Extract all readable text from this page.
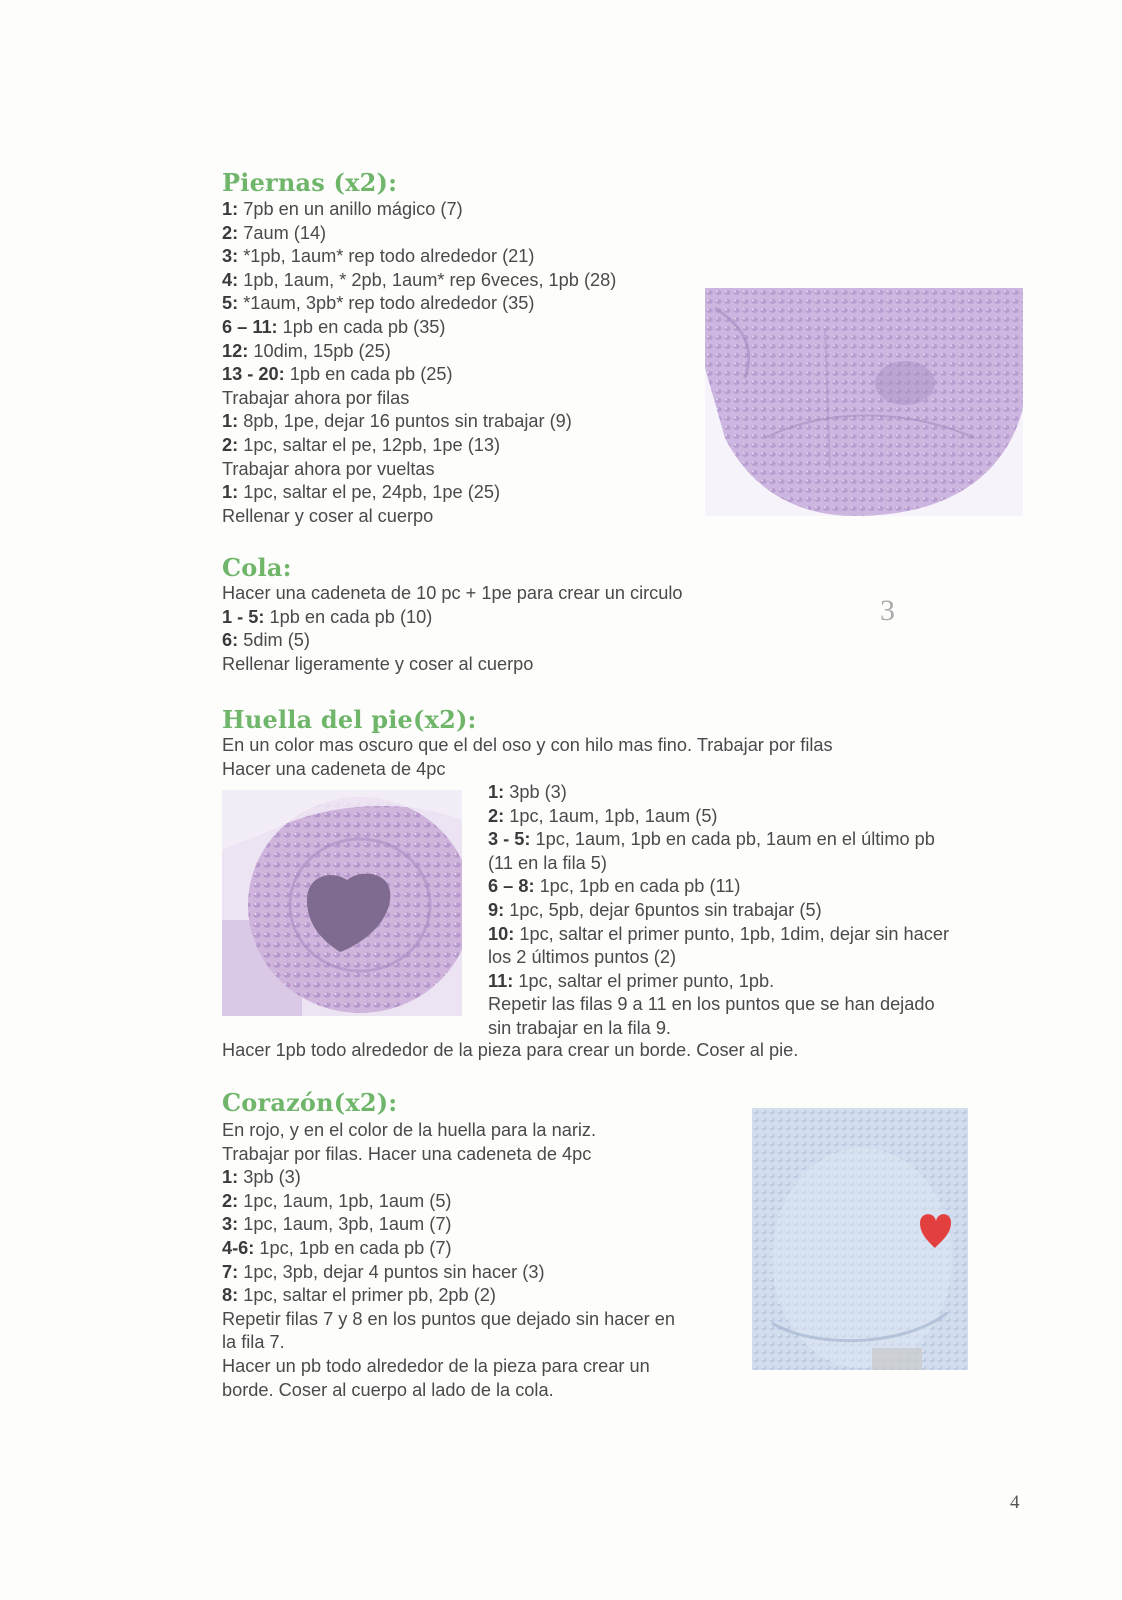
Piernas (x2):
1: 7pb en un anillo mágico (7)
2: 7aum (14)
3: *1pb, 1aum* rep todo alrededor (21)
4: 1pb, 1aum, * 2pb, 1aum* rep 6veces, 1pb (28)
5: *1aum, 3pb* rep todo alrededor (35)
6 – 11: 1pb en cada pb (35)
12: 10dim, 15pb (25)
13 - 20: 1pb en cada pb (25)
Trabajar ahora por filas
1: 8pb, 1pe, dejar 16 puntos sin trabajar (9)
2: 1pc, saltar el pe, 12pb, 1pe (13)
Trabajar ahora por vueltas
1: 1pc, saltar el pe, 24pb, 1pe (25)
Rellenar y coser al cuerpo
Cola:
Hacer una cadeneta de 10 pc + 1pe para crear un circulo
1 - 5: 1pb en cada pb (10)
6: 5dim (5)
Rellenar ligeramente y coser al cuerpo
3
Huella del pie(x2):
En un color mas oscuro que el del oso y con hilo mas fino. Trabajar por filas
Hacer una cadeneta de 4pc
1: 3pb (3)
2: 1pc, 1aum, 1pb, 1aum (5)
3 - 5: 1pc, 1aum, 1pb en cada pb, 1aum en el último pb
(11 en la fila 5)
6 – 8: 1pc, 1pb en cada pb (11)
9: 1pc, 5pb, dejar 6puntos sin trabajar (5)
10: 1pc, saltar el primer punto, 1pb, 1dim, dejar sin hacer
los 2 últimos puntos (2)
11: 1pc, saltar el primer punto, 1pb.
Repetir las filas 9 a 11 en los puntos que se han dejado
sin trabajar en la fila 9.
Hacer 1pb todo alrededor de la pieza para crear un borde. Coser al pie.
Corazón(x2):
En rojo, y en el color de la huella para la nariz.
Trabajar por filas. Hacer una cadeneta de 4pc
1: 3pb (3)
2: 1pc, 1aum, 1pb, 1aum (5)
3: 1pc, 1aum, 3pb, 1aum (7)
4-6: 1pc, 1pb en cada pb (7)
7: 1pc, 3pb, dejar 4 puntos sin hacer (3)
8: 1pc, saltar el primer pb, 2pb (2)
Repetir filas 7 y 8 en los puntos que dejado sin hacer en
la fila 7.
Hacer un pb todo alrededor de la pieza para crear un
borde. Coser al cuerpo al lado de la cola.
4
